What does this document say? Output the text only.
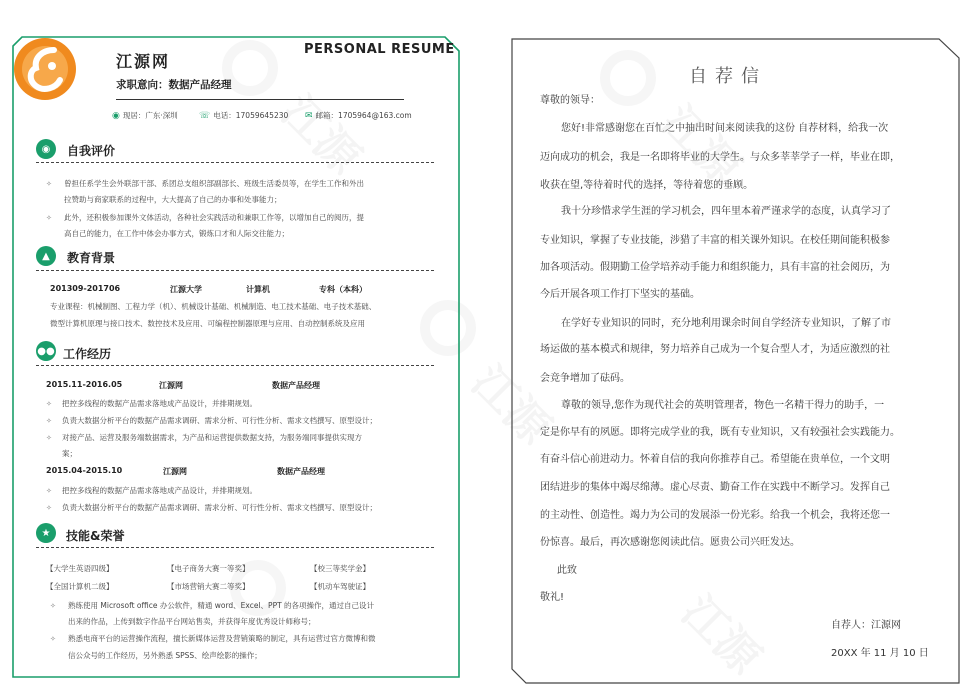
江源网
PERSONAL RESUME
求职意向：数据产品经理
◉ 现居：广东·深圳 ☏ 电话：17059645230 ✉ 邮箱：1705964@163.com
◉	自我评价
✧ 曾担任系学生会外联部干部、系团总支组织部副部长、班级生活委员等，在学生工作和外出
拉赞助与商家联系的过程中，大大提高了自己的办事和处事能力；
✧ 此外，还积极参加课外文体活动，各种社会实践活动和兼职工作等，以增加自己的阅历，提
高自己的能力，在工作中体会办事方式，锻炼口才和人际交往能力；
▲	教育背景
201309-201706	江源大学	计算机	专科（本科）
专业课程：机械制图、工程力学（机）、机械设计基础、机械制造、电工技术基础、电子技术基础、
微型计算机原理与接口技术、数控技术及应用、可编程控制器原理与应用、自动控制系统及应用
●● 工作经历
2015.11-2016.05	江源网	数据产品经理
✧ 把控多线程的数据产品需求落地成产品设计，并排期规划。
✧ 负责大数据分析平台的数据产品需求调研、需求分析、可行性分析、需求文档撰写、原型设计；
✧ 对接产品、运营及服务端数据需求，为产品和运营提供数据支持，为服务端同事提供实现方
案；
2015.04-2015.10	江源网	数据产品经理
✧ 把控多线程的数据产品需求落地成产品设计，并排期规划。
✧ 负责大数据分析平台的数据产品需求调研、需求分析、可行性分析、需求文档撰写、原型设计；
★	技能&荣誉
【大学生英语四级】	【电子商务大赛一等奖】	【校三等奖学金】
【全国计算机二级】	【市场营销大赛二等奖】	【机动车驾驶证】
✧ 熟练使用 Microsoft office 办公软件，精通 word、Excel、PPT 的各项操作，通过自己设计
出来的作品，上传到数字作品平台网站售卖，并获得年度优秀设计师称号；
✧ 熟悉电商平台的运营操作流程，擅长新媒体运营及营销策略的制定，具有运营过官方微博和微
信公众号的工作经历，另外熟悉 SPSS、绘声绘影的操作；
自荐信
尊敬的领导：
您好!非常感谢您在百忙之中抽出时间来阅读我的这份 自荐材料，给我一次
迈向成功的机会，我是一名即将毕业的大学生。与众多莘莘学子一样，毕业在即，
收获在望,等待着时代的选择，等待着您的垂顾。
我十分珍惜求学生涯的学习机会，四年里本着严谨求学的态度，认真学习了
专业知识，掌握了专业技能，涉猎了丰富的相关课外知识。在校任期间能积极参
加各项活动。假期勤工俭学培养动手能力和组织能力，具有丰富的社会阅历，为
今后开展各项工作打下坚实的基础。
在学好专业知识的同时，充分地利用课余时间自学经济专业知识，了解了市
场运做的基本模式和规律，努力培养自己成为一个复合型人才，为适应激烈的社
会竞争增加了砝码。
尊敬的领导,您作为现代社会的英明管理者，物色一名精干得力的助手，一
定是你早有的夙愿。即将完成学业的我，既有专业知识，又有较强社会实践能力。
有奋斗信心前进动力。怀着自信的我向你推荐自己。希望能在贵单位，一个文明
团结进步的集体中竭尽绵薄。虚心尽责、勤奋工作在实践中不断学习。发挥自己
的主动性、创造性。竭力为公司的发展添一份光彩。给我一个机会，我将还您一
份惊喜。最后，再次感谢您阅读此信。愿贵公司兴旺发达。
此致
敬礼!
自荐人：江源网
20XX 年 11 月 10 日
